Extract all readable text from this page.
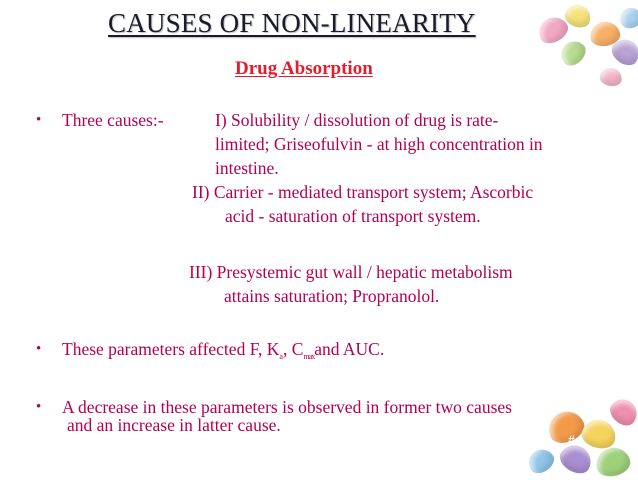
CAUSES OF NON-LINEARITY
Drug Absorption
• Three causes:-	I) Solubility / dissolution of drug is rate-
limited; Griseofulvin - at high concentration in
intestine.
II) Carrier - mediated transport system; Ascorbic
acid - saturation of transport system.
III) Presystemic gut wall / hepatic metabolism
attains saturation; Propranolol.
• These parameters affected F, $K_a$, $C_{max}and$ AUC.
• A decrease in these parameters is observed in former two causes
and an increase in latter cause.
#
